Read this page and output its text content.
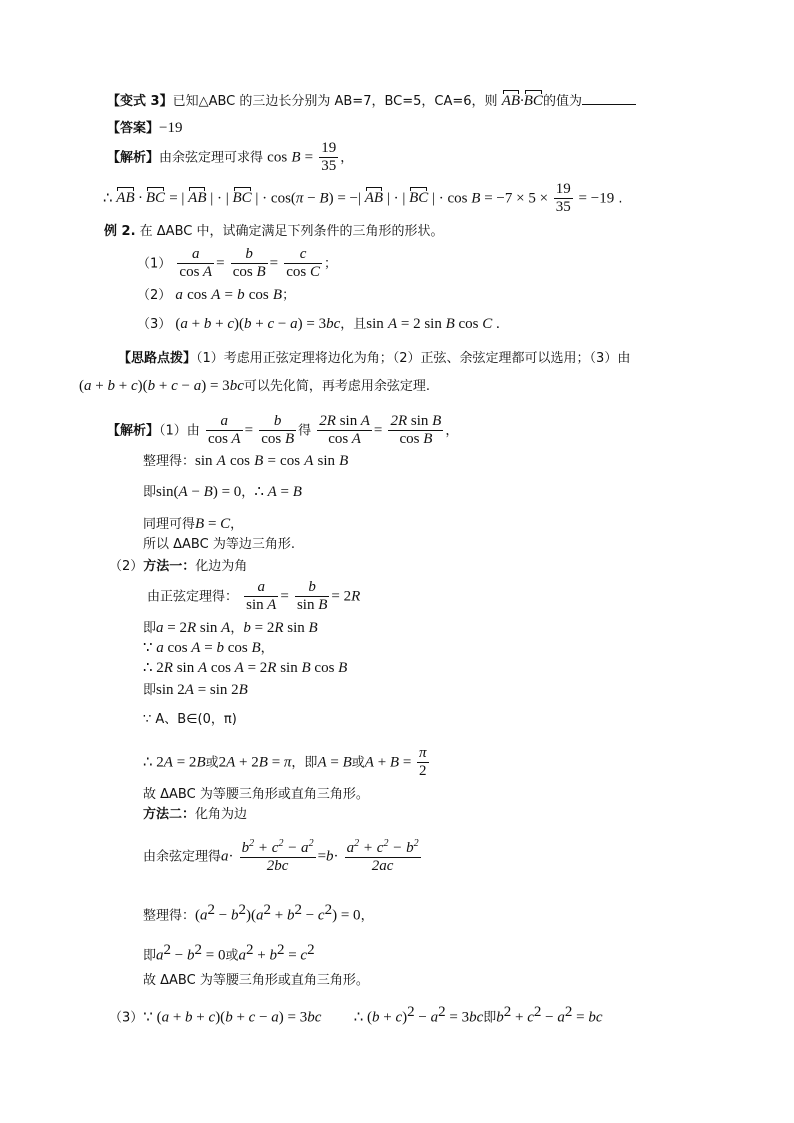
【变式 3】已知△ABC 的三边长分别为 AB=7，BC=5，CA=6，则 AB·BC的值为
【答案】−19
【解析】由余弦定理可求得 $\cos B = \frac{19}{35}$ ，
∴ AB · BC = | AB | · | BC | · cos(π − B) = −| AB | · | BC | · $\cos B = -7 \times 5 \times \frac{19}{35} = -19$ .
例 2. 在 ΔABC 中，试确定满足下列条件的三角形的形状。
$(1) \frac{a}{\text{cos A}} = \frac{b}{\text{cos B}} = \frac{c}{\text{cos C}}$ ；
（2） a cos A = b cos B；
（3） (a + b + c)(b + c − a) = 3bc，且sin A = 2 sin B cos C .
【思路点拨】（1）考虑用正弦定理将边化为角；（2）正弦、余弦定理都可以选用；（3）由
(a + b + c)(b + c − a) = 3bc可以先化简，再考虑用余弦定理.
【解析】（1）由 $\frac{a}{\text{cos A}} = \frac{b}{\text{cos B}}$ 得 $\frac{\text{2R sin A}}{\text{cos A}} = \frac{\text{2R sin B}}{\text{cos B}}$ ，
整理得：sin A cos B = cos A sin B
即sin(A − B) = 0，∴ A = B
同理可得B = C，
所以 ΔABC 为等边三角形.
（2）方法一：化边为角
由正弦定理得： $\frac{a}{\text{sin A}} = \frac{b}{\text{sin B}} = 2R$
即a = 2R sin A，b = 2R sin B
∵ a cos A = b cos B，
∴ 2R sin A cos A = 2R sin B cos B
即sin 2A = sin 2B
∵ A、B∈(0，π)
∴ 2A = 2B或2A + 2B = π，即A = B或$A + B = \frac{\pi}{2}$
故 ΔABC 为等腰三角形或直角三角形。
方法二：化角为边
由余弦定理得$a\cdot \frac{b^2 + c^2 - a^2}{2bc} =b\cdot \frac{a^2 + c^2 - b^2}{2ac}$
整理得：$(a^2 - b^2)(a^2 + b^2 - c^2) = 0$，
即$a^2 - b^2 = 0$或$a^2 + b^2 = c^2$
故 ΔABC 为等腰三角形或直角三角形。
（3）∵ (a + b + c)(b + c − a) = 3bc ∴ $(b + c)^2 - a^2 = 3bc$即$b^2 + c^2 - a^2$ = bc
